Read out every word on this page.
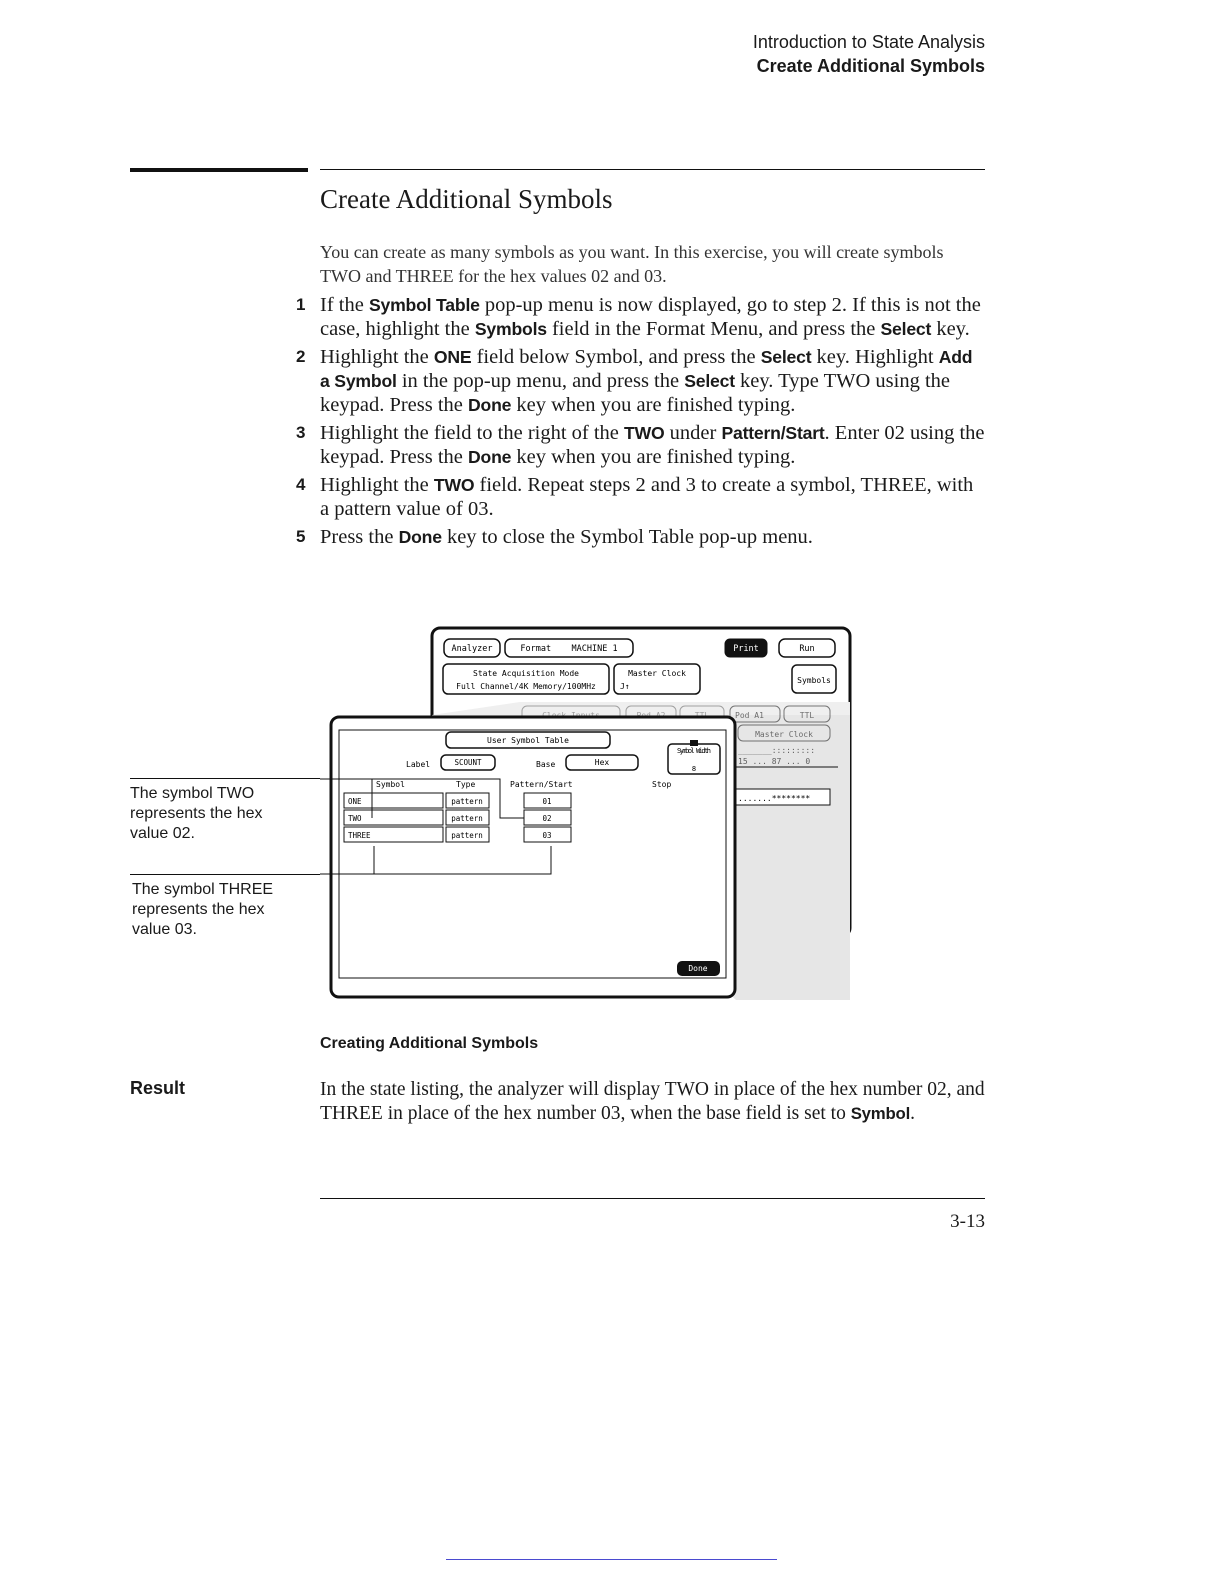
Introduction to State Analysis
Create Additional Symbols
Create Additional Symbols

You can create as many symbols as you want. In this exercise, you will create symbols TWO and THREE for the hex values 02 and 03.

1 If the Symbol Table pop-up menu is now displayed, go to step 2. If this is not the case, highlight the Symbols field in the Format Menu, and press the Select key.
2 Highlight the ONE field below Symbol, and press the Select key. Highlight Add a Symbol in the pop-up menu, and press the Select key. Type TWO using the keypad. Press the Done key when you are finished typing.
3 Highlight the field to the right of the TWO under Pattern/Start. Enter 02 using the keypad. Press the Done key when you are finished typing.
4 Highlight the TWO field. Repeat steps 2 and 3 to create a symbol, THREE, with a pattern value of 03.
5 Press the Done key to close the Symbol Table pop-up menu.
Analyzer	Format    MACHINE 1	Print	Run
State Acquisition Mode
Full Channel/4K Memory/100MHz
Master Clock
J↑
Symbols
Pod A1	TTL
Master Clock
_______:::::::::
15 ... 87 ... 0
.......********
User Symbol Table
Label	SCOUNT	Base	Hex
Symbol Width
8
Symbol	Type	Pattern/Start	Stop
ONE	pattern	01
TWO	pattern	02
THREE	pattern	03
Done
The symbol TWO represents the hex value 02.
The symbol THREE represents the hex value 03.
Creating Additional Symbols
Result	In the state listing, the analyzer will display TWO in place of the hex number 02, and THREE in place of the hex number 03, when the base field is set to Symbol.

3-13
